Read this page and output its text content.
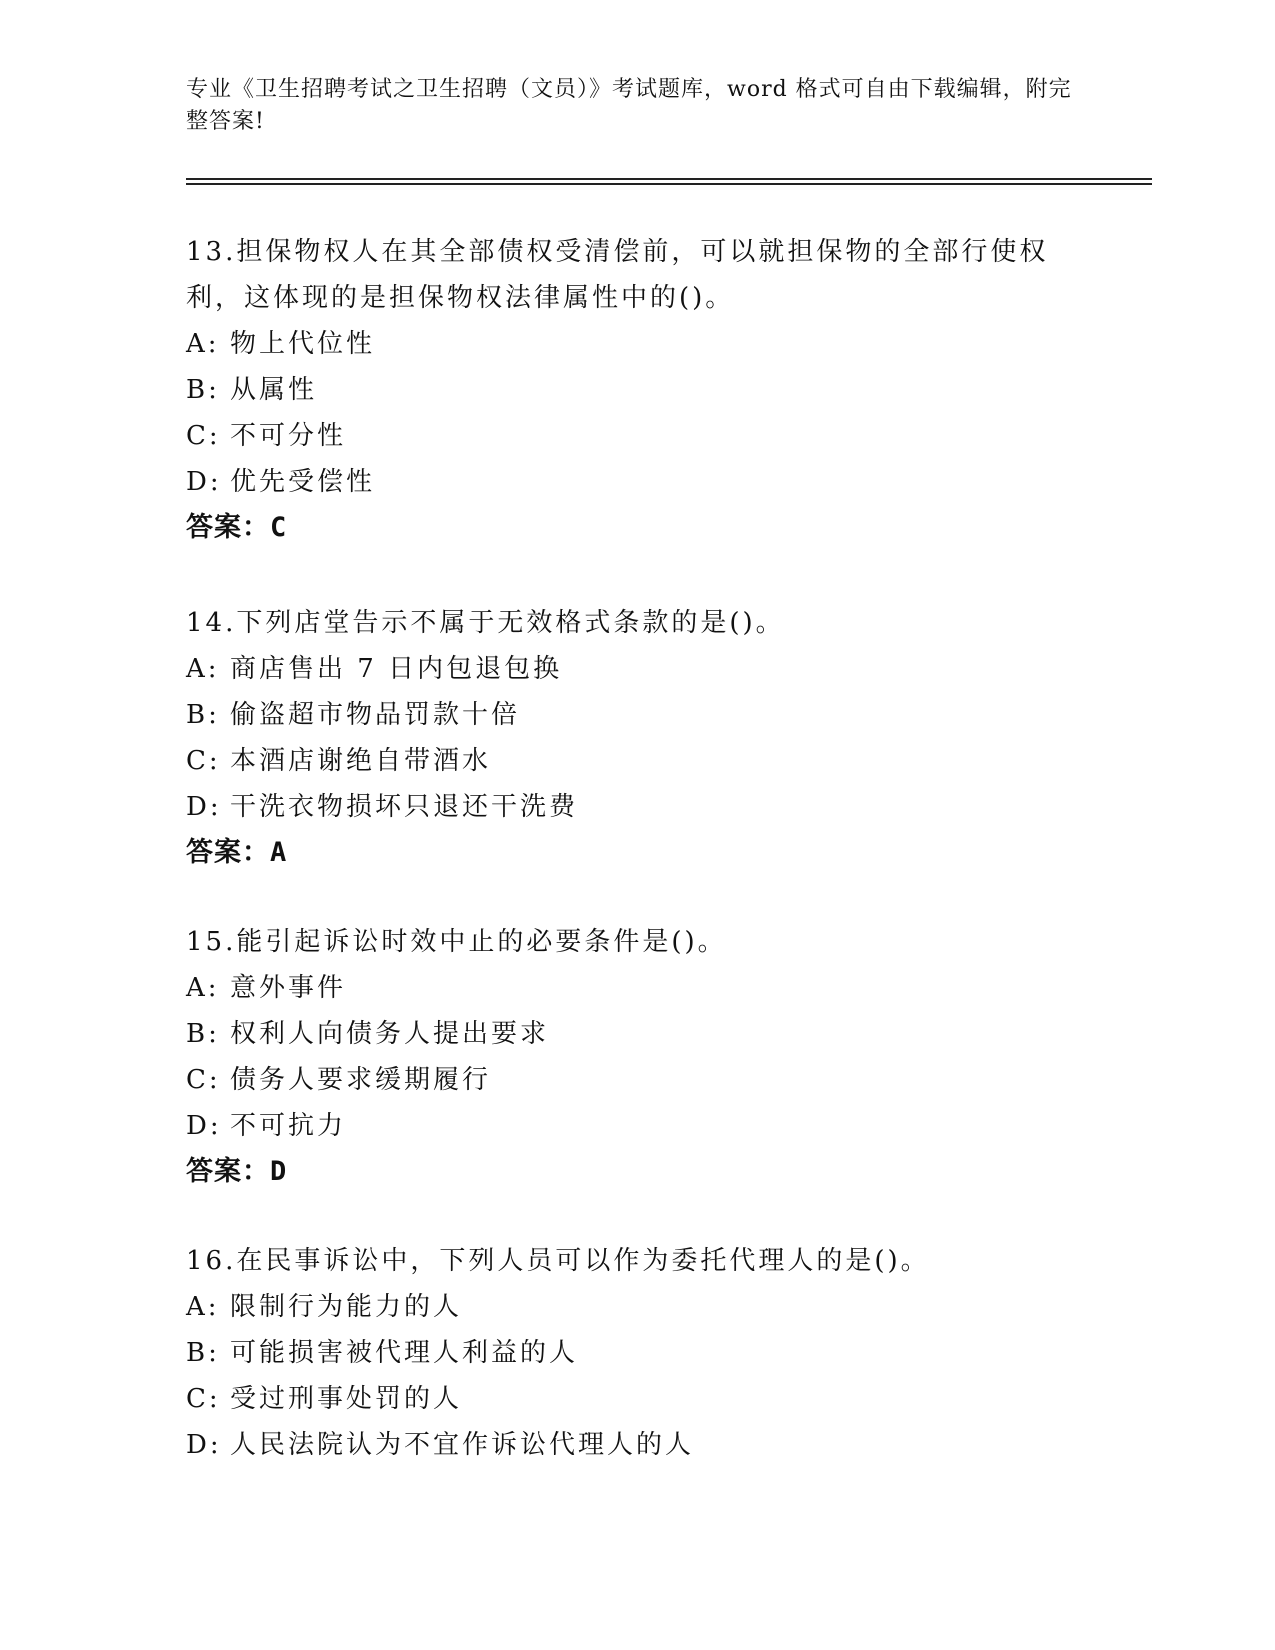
专业《卫生招聘考试之卫生招聘（文员）》考试题库，word 格式可自由下载编辑，附完整答案!
13.担保物权人在其全部债权受清偿前，可以就担保物的全部行使权利，这体现的是担保物权法律属性中的()。
A: 物上代位性
B: 从属性
C: 不可分性
D: 优先受偿性
答案：C
14.下列店堂告示不属于无效格式条款的是()。
A: 商店售出 7 日内包退包换
B: 偷盗超市物品罚款十倍
C: 本酒店谢绝自带酒水
D: 干洗衣物损坏只退还干洗费
答案：A
15.能引起诉讼时效中止的必要条件是()。
A: 意外事件
B: 权利人向债务人提出要求
C: 债务人要求缓期履行
D: 不可抗力
答案：D
16.在民事诉讼中，下列人员可以作为委托代理人的是()。
A: 限制行为能力的人
B: 可能损害被代理人利益的人
C: 受过刑事处罚的人
D: 人民法院认为不宜作诉讼代理人的人
